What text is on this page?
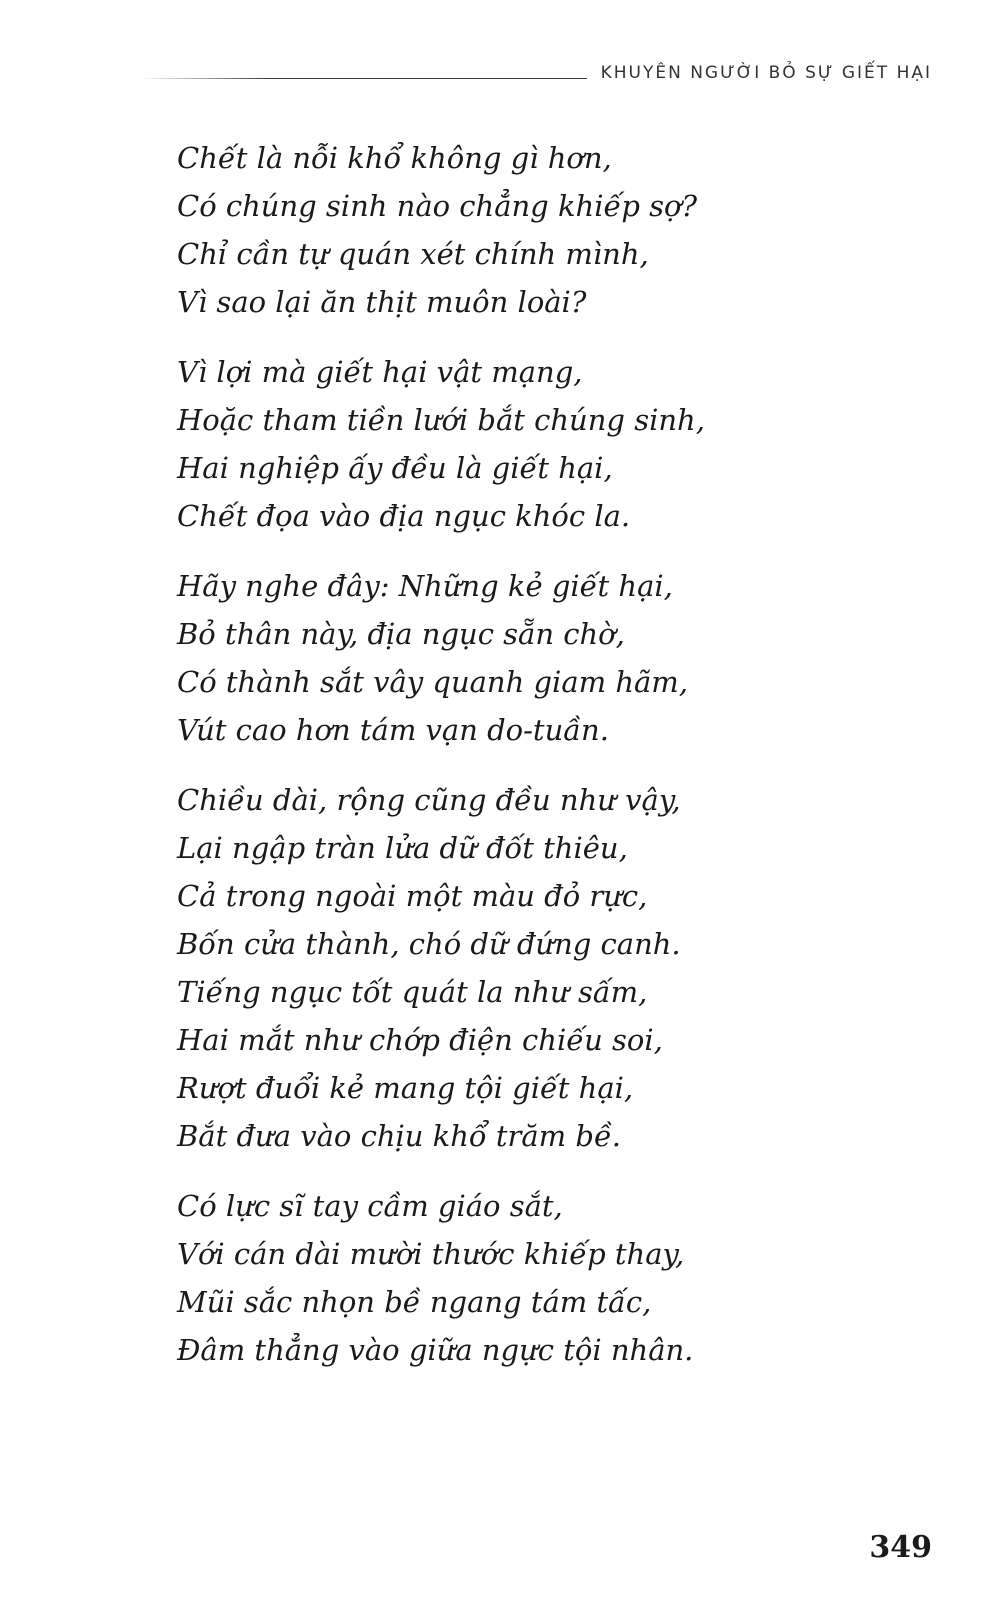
KHUYÊN NGƯỜI BỎ SỰ GIẾT HẠI
Chết là nỗi khổ không gì hơn,
Có chúng sinh nào chẳng khiếp sợ?
Chỉ cần tự quán xét chính mình,
Vì sao lại ăn thịt muôn loài?
Vì lợi mà giết hại vật mạng,
Hoặc tham tiền lưới bắt chúng sinh,
Hai nghiệp ấy đều là giết hại,
Chết đọa vào địa ngục khóc la.
Hãy nghe đây: Những kẻ giết hại,
Bỏ thân này, địa ngục sẵn chờ,
Có thành sắt vây quanh giam hãm,
Vút cao hơn tám vạn do-tuần.
Chiều dài, rộng cũng đều như vậy,
Lại ngập tràn lửa dữ đốt thiêu,
Cả trong ngoài một màu đỏ rực,
Bốn cửa thành, chó dữ đứng canh.
Tiếng ngục tốt quát la như sấm,
Hai mắt như chớp điện chiếu soi,
Rượt đuổi kẻ mang tội giết hại,
Bắt đưa vào chịu khổ trăm bề.
Có lực sĩ tay cầm giáo sắt,
Với cán dài mười thước khiếp thay,
Mũi sắc nhọn bề ngang tám tấc,
Đâm thẳng vào giữa ngực tội nhân.
349
